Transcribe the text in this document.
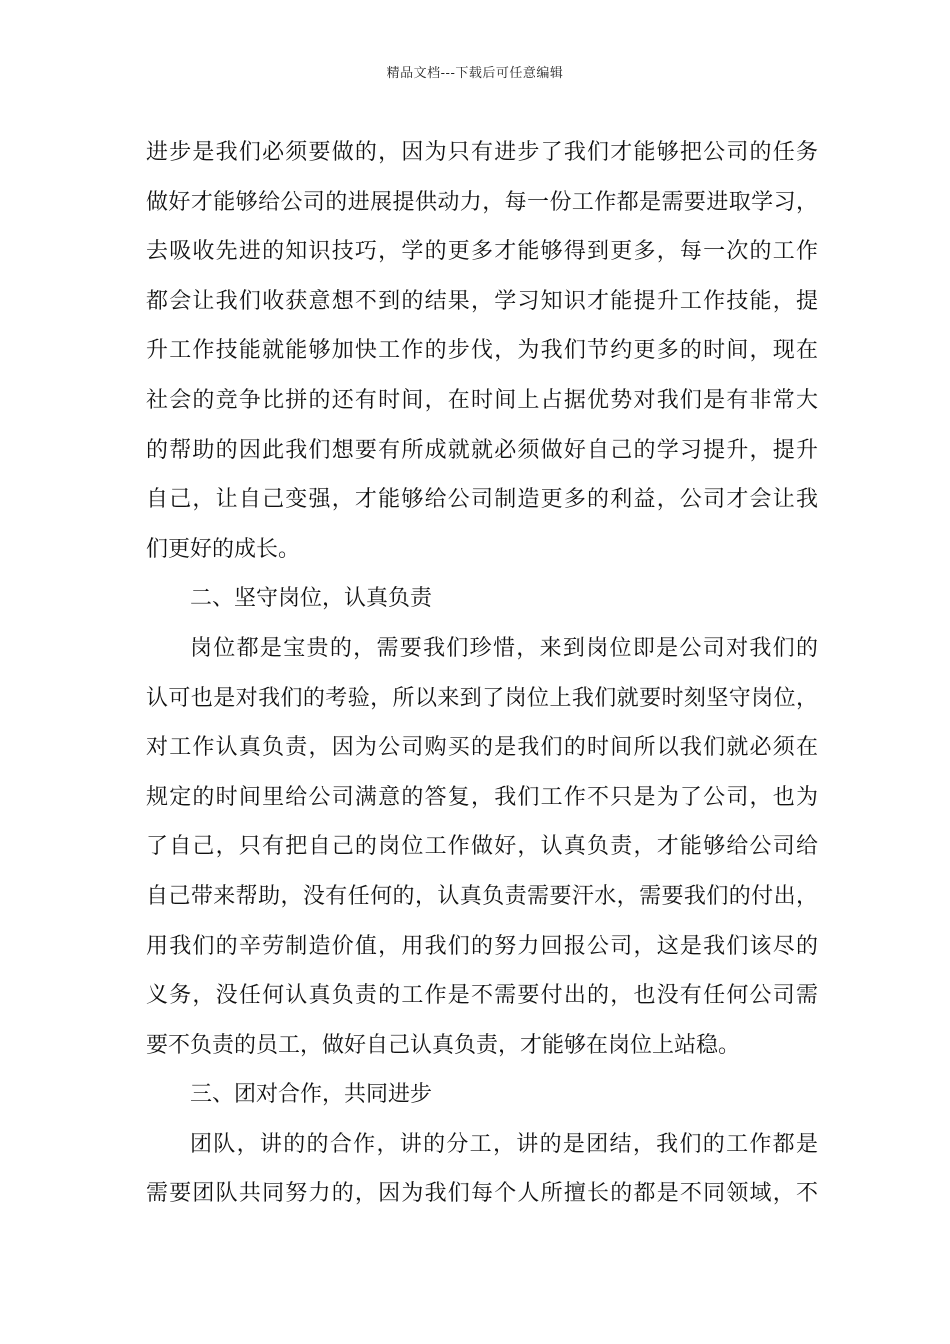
精品文档---下载后可任意编辑
进步是我们必须要做的，因为只有进步了我们才能够把公司的任务
做好才能够给公司的进展提供动力，每一份工作都是需要进取学习，
去吸收先进的知识技巧，学的更多才能够得到更多，每一次的工作
都会让我们收获意想不到的结果，学习知识才能提升工作技能，提
升工作技能就能够加快工作的步伐，为我们节约更多的时间，现在
社会的竞争比拼的还有时间，在时间上占据优势对我们是有非常大
的帮助的因此我们想要有所成就就必须做好自己的学习提升，提升
自己，让自己变强，才能够给公司制造更多的利益，公司才会让我
们更好的成长。
二、坚守岗位，认真负责
岗位都是宝贵的，需要我们珍惜，来到岗位即是公司对我们的
认可也是对我们的考验，所以来到了岗位上我们就要时刻坚守岗位，
对工作认真负责，因为公司购买的是我们的时间所以我们就必须在
规定的时间里给公司满意的答复，我们工作不只是为了公司，也为
了自己，只有把自己的岗位工作做好，认真负责，才能够给公司给
自己带来帮助，没有任何的，认真负责需要汗水，需要我们的付出，
用我们的辛劳制造价值，用我们的努力回报公司，这是我们该尽的
义务，没任何认真负责的工作是不需要付出的，也没有任何公司需
要不负责的员工，做好自己认真负责，才能够在岗位上站稳。
三、团对合作，共同进步
团队，讲的的合作，讲的分工，讲的是团结，我们的工作都是
需要团队共同努力的，因为我们每个人所擅长的都是不同领域，不
